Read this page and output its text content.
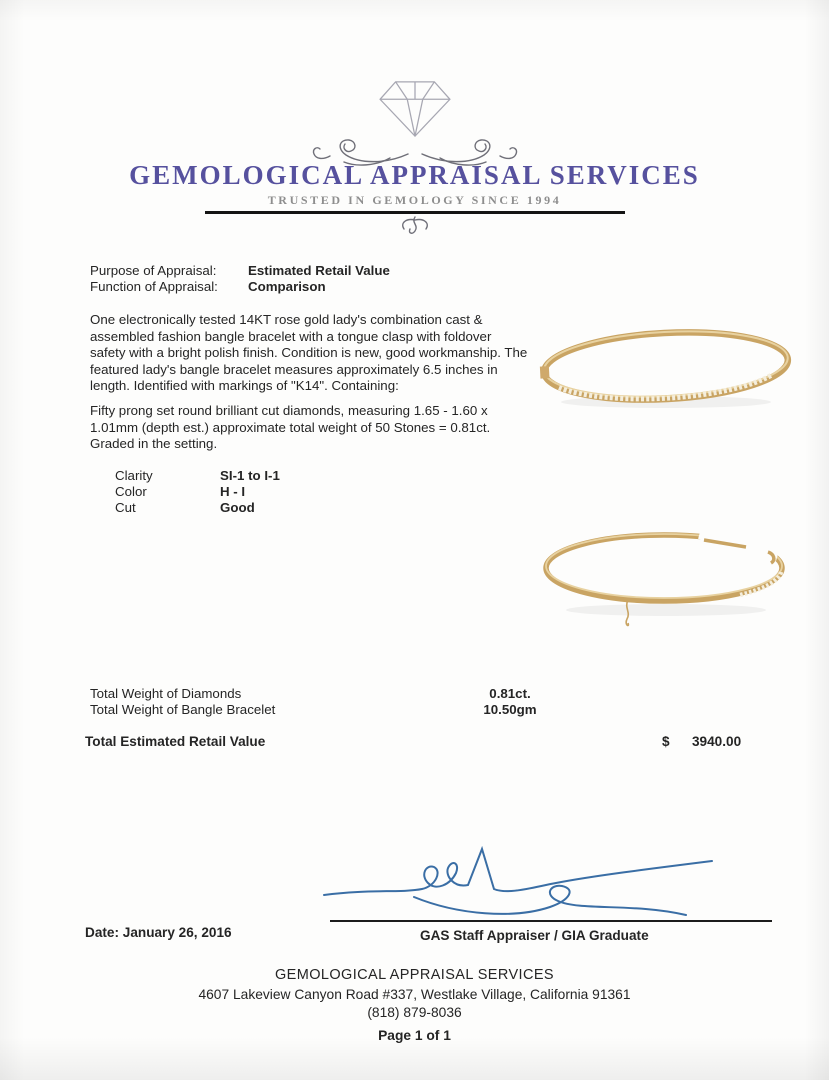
GEMOLOGICAL APPRAISAL SERVICES
TRUSTED IN GEMOLOGY SINCE 1994
Purpose of Appraisal: Estimated Retail Value
Function of Appraisal: Comparison
One electronically tested 14KT rose gold lady's combination cast & assembled fashion bangle bracelet with a tongue clasp with foldover safety with a bright polish finish. Condition is new, good workmanship. The featured lady's bangle bracelet measures approximately 6.5 inches in length. Identified with markings of "K14". Containing:
Fifty prong set round brilliant cut diamonds, measuring 1.65 - 1.60 x 1.01mm (depth est.) approximate total weight of 50 Stones = 0.81ct. Graded in the setting.
Clarity	SI-1 to I-1
Color	H - I
Cut	Good
Total Weight of Diamonds	0.81ct.
Total Weight of Bangle Bracelet	10.50gm
Total Estimated Retail Value	$ 3940.00
Date: January 26, 2016	GAS Staff Appraiser / GIA Graduate
GEMOLOGICAL APPRAISAL SERVICES
4607 Lakeview Canyon Road #337, Westlake Village, California 91361
(818) 879-8036
Page 1 of 1
